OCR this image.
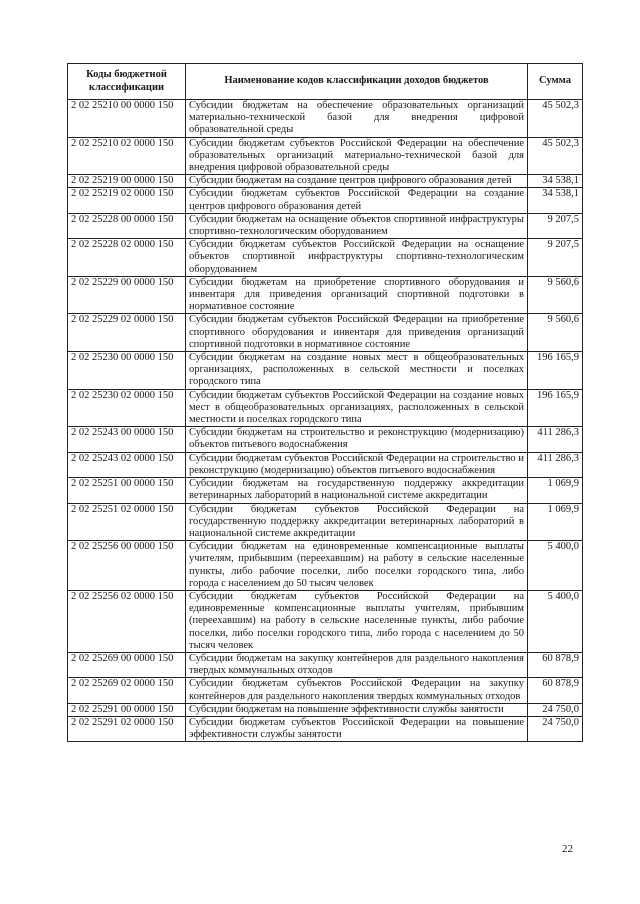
Коды бюджетной классификации	Наименование кодов классификации доходов бюджетов	Сумма
2 02 25210 00 0000 150	Субсидии бюджетам на обеспечение образовательных организаций материально-технической базой для внедрения цифровой образовательной среды	45 502,3
2 02 25210 02 0000 150	Субсидии бюджетам субъектов Российской Федерации на обеспечение образовательных организаций материально-технической базой для внедрения цифровой образовательной среды	45 502,3
2 02 25219 00 0000 150	Субсидии бюджетам на создание центров цифрового образования детей	34 538,1
2 02 25219 02 0000 150	Субсидии бюджетам субъектов Российской Федерации на создание центров цифрового образования детей	34 538,1
2 02 25228 00 0000 150	Субсидии бюджетам на оснащение объектов спортивной инфраструктуры спортивно-технологическим оборудованием	9 207,5
2 02 25228 02 0000 150	Субсидии бюджетам субъектов Российской Федерации на оснащение объектов спортивной инфраструктуры спортивно-технологическим оборудованием	9 207,5
2 02 25229 00 0000 150	Субсидии бюджетам на приобретение спортивного оборудования и инвентаря для приведения организаций спортивной подготовки в нормативное состояние	9 560,6
2 02 25229 02 0000 150	Субсидии бюджетам субъектов Российской Федерации на приобретение спортивного оборудования и инвентаря для приведения организаций спортивной подготовки в нормативное состояние	9 560,6
2 02 25230 00 0000 150	Субсидии бюджетам на создание новых мест в общеобразовательных организациях, расположенных в сельской местности и поселках городского типа	196 165,9
2 02 25230 02 0000 150	Субсидии бюджетам субъектов Российской Федерации на создание новых мест в общеобразовательных организациях, расположенных в сельской местности и поселках городского типа	196 165,9
2 02 25243 00 0000 150	Субсидии бюджетам на строительство и реконструкцию (модернизацию) объектов питьевого водоснабжения	411 286,3
2 02 25243 02 0000 150	Субсидии бюджетам субъектов Российской Федерации на строительство и реконструкцию (модернизацию) объектов питьевого водоснабжения	411 286,3
2 02 25251 00 0000 150	Субсидии бюджетам на государственную поддержку аккредитации ветеринарных лабораторий в национальной системе аккредитации	1 069,9
2 02 25251 02 0000 150	Субсидии бюджетам субъектов Российской Федерации на государственную поддержку аккредитации ветеринарных лабораторий в национальной системе аккредитации	1 069,9
2 02 25256 00 0000 150	Субсидии бюджетам на единовременные компенсационные выплаты учителям, прибывшим (переехавшим) на работу в сельские населенные пункты, либо рабочие поселки, либо поселки городского типа, либо города с населением до 50 тысяч человек	5 400,0
2 02 25256 02 0000 150	Субсидии бюджетам субъектов Российской Федерации на единовременные компенсационные выплаты учителям, прибывшим (переехавшим) на работу в сельские населенные пункты, либо рабочие поселки, либо поселки городского типа, либо города с населением до 50 тысяч человек	5 400,0
2 02 25269 00 0000 150	Субсидии бюджетам на закупку контейнеров для раздельного накопления твердых коммунальных отходов	60 878,9
2 02 25269 02 0000 150	Субсидии бюджетам субъектов Российской Федерации на закупку контейнеров для раздельного накопления твердых коммунальных отходов	60 878,9
2 02 25291 00 0000 150	Субсидии бюджетам на повышение эффективности службы занятости	24 750,0
2 02 25291 02 0000 150	Субсидии бюджетам субъектов Российской Федерации на повышение эффективности службы занятости	24 750,0
22
